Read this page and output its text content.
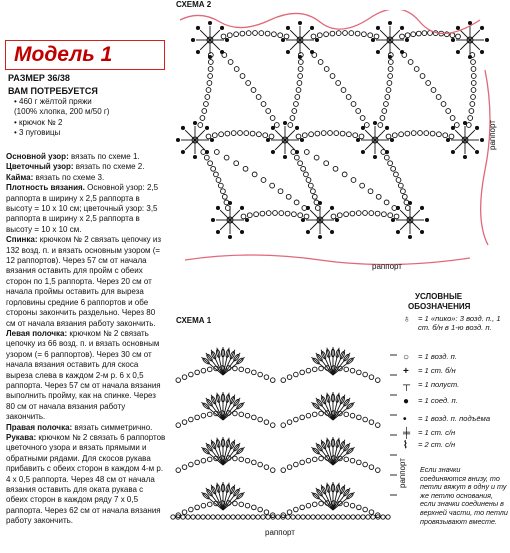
Модель 1
РАЗМЕР 36/38
ВАМ ПОТРЕБУЕТСЯ
• 460 г жёлтой пряжи
(100% хлопка, 200 м/50 г)
• крючок № 2
• 3 пуговицы
Основной узор: вязать по схеме 1.
Цветочный узор: вязать по схеме 2.
Кайма: вязать по схеме 3.
Плотность вязания. Основной узор: 2,5 раппорта в ширину х 2,5 раппорта в высоту = 10 х 10 см; цветочный узор: 3,5 раппорта в ширину х 2,5 раппорта в высоту = 10 х 10 см.
Спинка: крючком № 2 связать цепочку из 132 возд. п. и вязать основным узором (= 12 раппортов). Через 57 см от начала вязания оставить для пройм с обеих сторон по 1,5 раппорта. Через 20 см от начала проймы оставить для выреза горловины средние 6 раппортов и обе стороны закончить раздельно. Через 80 см от начала вязания работу закончить.
Левая полочка: крючком № 2 связать цепочку из 66 возд. п. и вязать основным узором (= 6 раппортов). Через 30 см от начала вязания оставить для скоса выреза слева в каждом 2-м р. 6 х 0,5 раппорта. Через 57 см от начала вязания выполнить пройму, как на спинке. Через 80 см от начала вязания работу закончить.
Правая полочка: вязать симметрично.
Рукава: крючком № 2 связать 6 раппортов цветочного узора и вязать прямыми и обратными рядами. Для скосов рукава прибавить с обеих сторон в каждом 4-м р. 4 х 0,5 раппорта. Через 48 см от начала вязания оставить для оката рукава с обеих сторон в каждом ряду 7 х 0,5 раппорта. Через 62 см от начала вязания работу закончить.
СХЕМА 2
раппорт
раппорт
СХЕМА 1
раппорт
раппорт
УСЛОВНЫЕ
ОБОЗНАЧЕНИЯ
♁ = 1 «пико»: 3 возд. п., 1 ст. б/н в 1-ю возд. п.
○ = 1 возд. п.
+ = 1 ст. б/н
┬ = 1 полуст.
● = 1 соед. п.
• = 1 возд. п. подъёма
╪ = 1 ст. с/н
⌇ = 2 ст. с/н
Если значки соединяются внизу, то петли вяжут в одну и ту же петлю основания, если значки соединены в верхней части, то петли провязывают вместе.
